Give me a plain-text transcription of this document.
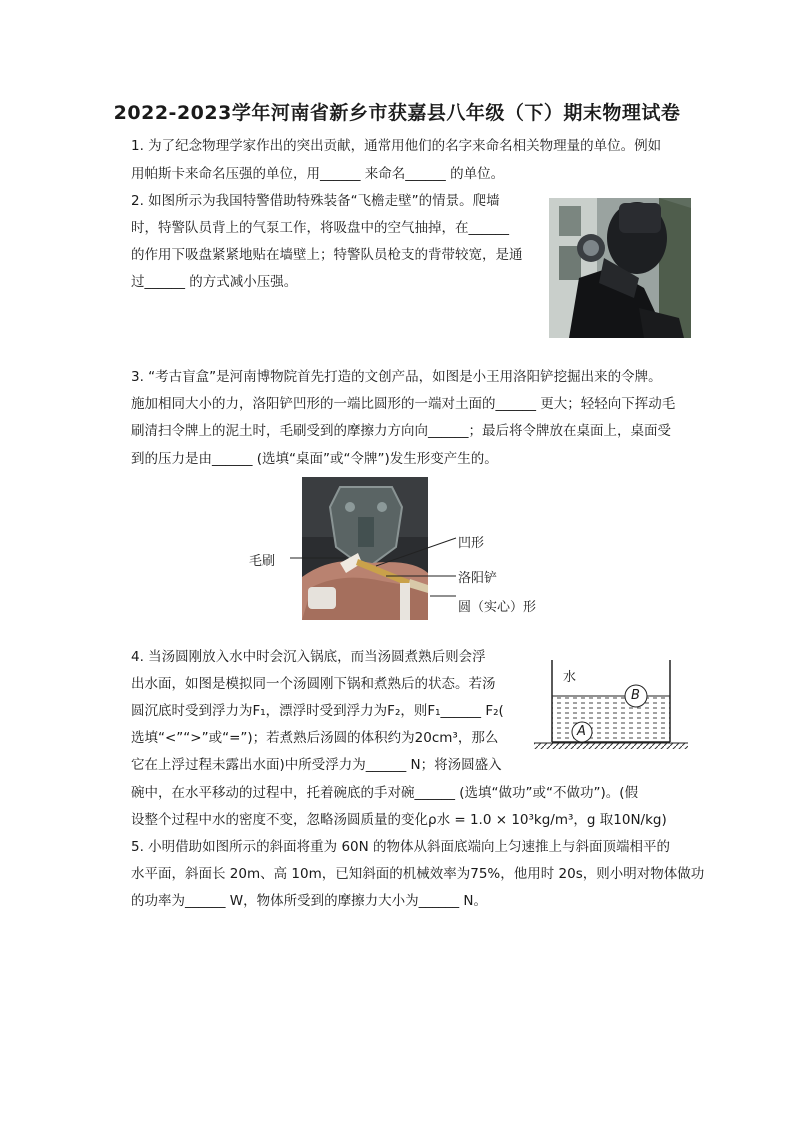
2022-2023学年河南省新乡市获嘉县八年级（下）期末物理试卷
1. 为了纪念物理学家作出的突出贡献，通常用他们的名字来命名相关物理量的单位。例如
用帕斯卡来命名压强的单位，用______ 来命名______ 的单位。
2. 如图所示为我国特警借助特殊装备“飞檐走壁”的情景。爬墙
时，特警队员背上的气泵工作，将吸盘中的空气抽掉，在______
的作用下吸盘紧紧地贴在墙壁上；特警队员枪支的背带较宽，是通
过______ 的方式减小压强。
3. “考古盲盒”是河南博物院首先打造的文创产品，如图是小王用洛阳铲挖掘出来的令牌。
施加相同大小的力，洛阳铲凹形的一端比圆形的一端对土面的______ 更大；轻轻向下挥动毛
刷清扫令牌上的泥土时，毛刷受到的摩擦力方向向______；最后将令牌放在桌面上，桌面受
到的压力是由______ (选填“桌面”或“令牌”)发生形变产生的。
毛刷
凹形
洛阳铲
圆（实心）形
4. 当汤圆刚放入水中时会沉入锅底，而当汤圆煮熟后则会浮
出水面，如图是模拟同一个汤圆刚下锅和煮熟后的状态。若汤
圆沉底时受到浮力为F₁，漂浮时受到浮力为F₂，则F₁______ F₂(
选填“<”“>”或“=”)；若煮熟后汤圆的体积约为20cm³，那么
它在上浮过程未露出水面)中所受浮力为______ N；将汤圆盛入
碗中，在水平移动的过程中，托着碗底的手对碗______ (选填“做功”或“不做功”)。(假
设整个过程中水的密度不变，忽略汤圆质量的变化ρ水 = 1.0 × 10³kg/m³，g 取10N/kg)
水
B
A
5. 小明借助如图所示的斜面将重为 60N 的物体从斜面底端向上匀速推上与斜面顶端相平的
水平面，斜面长 20m、高 10m，已知斜面的机械效率为75%，他用时 20s，则小明对物体做功
的功率为______ W，物体所受到的摩擦力大小为______ N。
